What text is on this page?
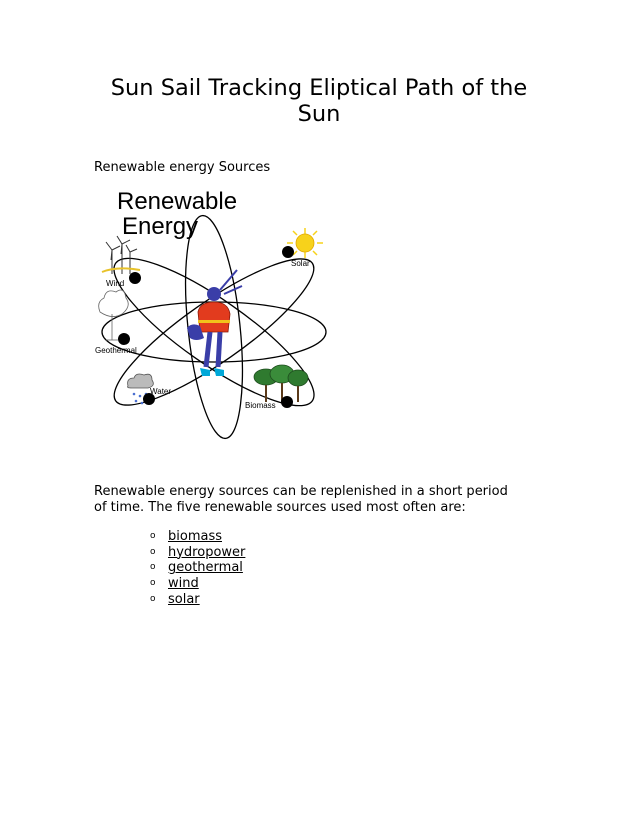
Sun Sail Tracking Eliptical Path of the Sun

Renewable energy Sources

Renewable
Energy
Solar
Wind
Geothermal
Water
Biomass

Renewable energy sources can be replenished in a short period of time. The five renewable sources used most often are:

o biomass
o hydropower
o geothermal
o wind
o solar
